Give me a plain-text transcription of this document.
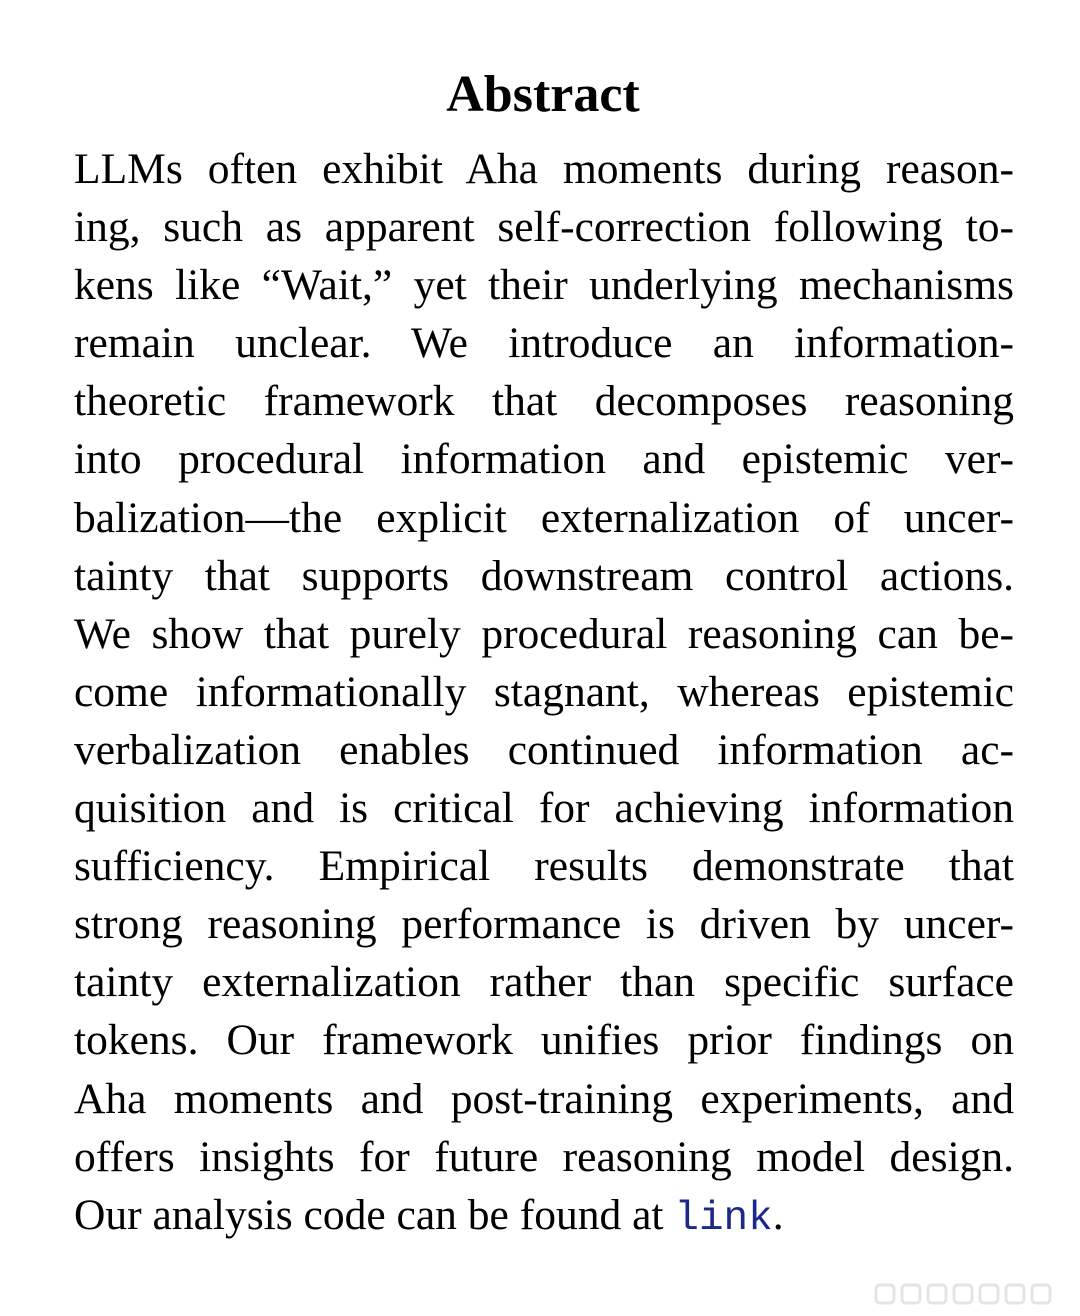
Abstract
LLMs often exhibit Aha moments during reason-
ing, such as apparent self-correction following to-
kens like “Wait,” yet their underlying mechanisms
remain unclear. We introduce an information-
theoretic framework that decomposes reasoning
into procedural information and epistemic ver-
balization—the explicit externalization of uncer-
tainty that supports downstream control actions.
We show that purely procedural reasoning can be-
come informationally stagnant, whereas epistemic
verbalization enables continued information ac-
quisition and is critical for achieving information
sufficiency. Empirical results demonstrate that
strong reasoning performance is driven by uncer-
tainty externalization rather than specific surface
tokens. Our framework unifies prior findings on
Aha moments and post-training experiments, and
offers insights for future reasoning model design.
Our analysis code can be found at link.
